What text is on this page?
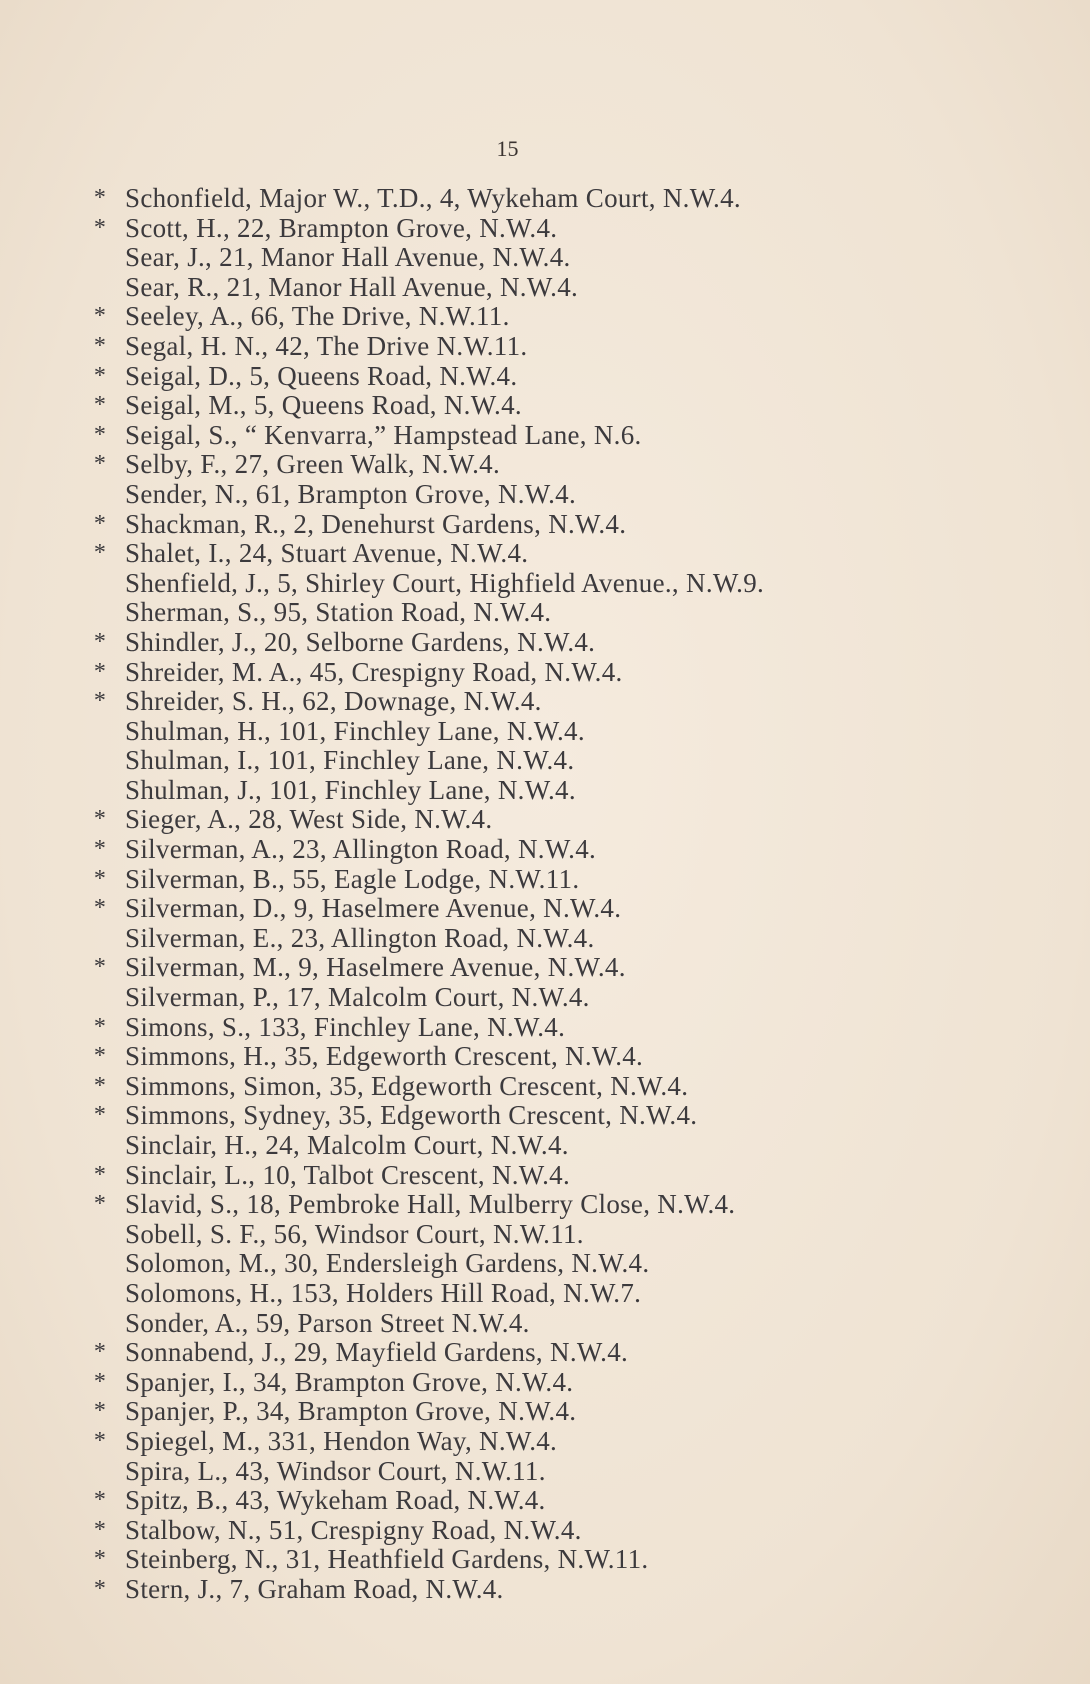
15
* Schonfield, Major W., T.D., 4, Wykeham Court, N.W.4.
* Scott, H., 22, Brampton Grove, N.W.4.
Sear, J., 21, Manor Hall Avenue, N.W.4.
Sear, R., 21, Manor Hall Avenue, N.W.4.
* Seeley, A., 66, The Drive, N.W.11.
* Segal, H. N., 42, The Drive N.W.11.
* Seigal, D., 5, Queens Road, N.W.4.
* Seigal, M., 5, Queens Road, N.W.4.
* Seigal, S., “ Kenvarra,” Hampstead Lane, N.6.
* Selby, F., 27, Green Walk, N.W.4.
Sender, N., 61, Brampton Grove, N.W.4.
* Shackman, R., 2, Denehurst Gardens, N.W.4.
* Shalet, I., 24, Stuart Avenue, N.W.4.
Shenfield, J., 5, Shirley Court, Highfield Avenue., N.W.9.
Sherman, S., 95, Station Road, N.W.4.
* Shindler, J., 20, Selborne Gardens, N.W.4.
* Shreider, M. A., 45, Crespigny Road, N.W.4.
* Shreider, S. H., 62, Downage, N.W.4.
Shulman, H., 101, Finchley Lane, N.W.4.
Shulman, I., 101, Finchley Lane, N.W.4.
Shulman, J., 101, Finchley Lane, N.W.4.
* Sieger, A., 28, West Side, N.W.4.
* Silverman, A., 23, Allington Road, N.W.4.
* Silverman, B., 55, Eagle Lodge, N.W.11.
* Silverman, D., 9, Haselmere Avenue, N.W.4.
Silverman, E., 23, Allington Road, N.W.4.
* Silverman, M., 9, Haselmere Avenue, N.W.4.
Silverman, P., 17, Malcolm Court, N.W.4.
* Simons, S., 133, Finchley Lane, N.W.4.
* Simmons, H., 35, Edgeworth Crescent, N.W.4.
* Simmons, Simon, 35, Edgeworth Crescent, N.W.4.
* Simmons, Sydney, 35, Edgeworth Crescent, N.W.4.
Sinclair, H., 24, Malcolm Court, N.W.4.
* Sinclair, L., 10, Talbot Crescent, N.W.4.
* Slavid, S., 18, Pembroke Hall, Mulberry Close, N.W.4.
Sobell, S. F., 56, Windsor Court, N.W.11.
Solomon, M., 30, Endersleigh Gardens, N.W.4.
Solomons, H., 153, Holders Hill Road, N.W.7.
Sonder, A., 59, Parson Street N.W.4.
* Sonnabend, J., 29, Mayfield Gardens, N.W.4.
* Spanjer, I., 34, Brampton Grove, N.W.4.
* Spanjer, P., 34, Brampton Grove, N.W.4.
* Spiegel, M., 331, Hendon Way, N.W.4.
Spira, L., 43, Windsor Court, N.W.11.
* Spitz, B., 43, Wykeham Road, N.W.4.
* Stalbow, N., 51, Crespigny Road, N.W.4.
* Steinberg, N., 31, Heathfield Gardens, N.W.11.
* Stern, J., 7, Graham Road, N.W.4.
